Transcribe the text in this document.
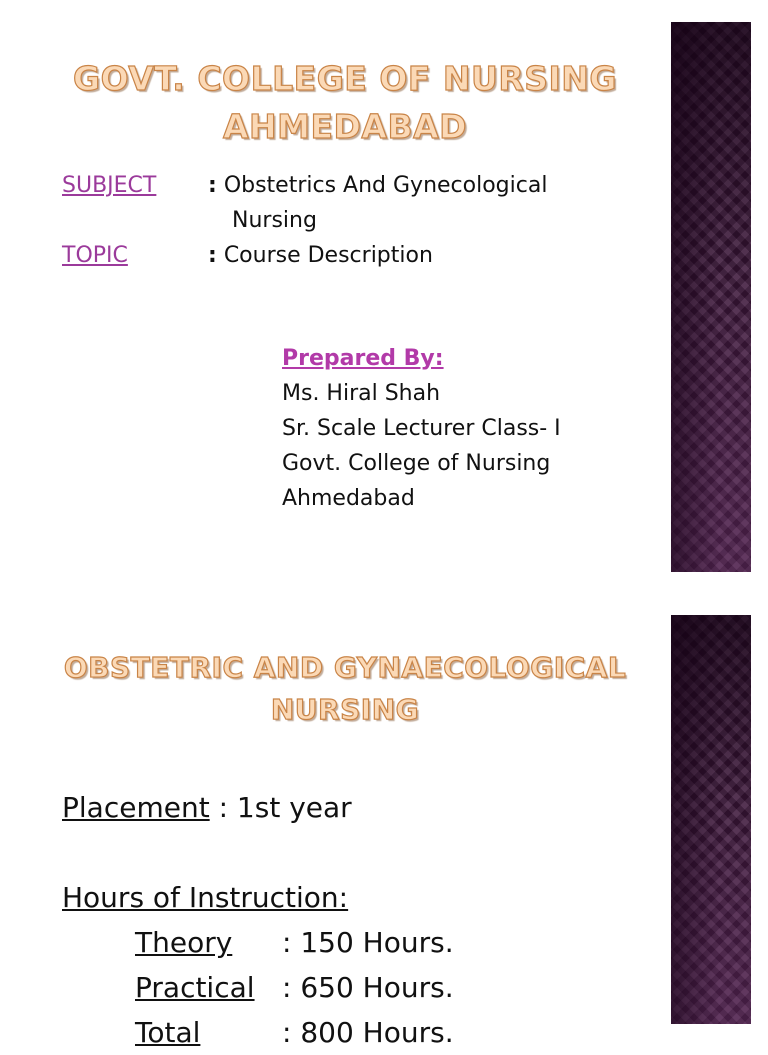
GOVT. COLLEGE OF NURSING
AHMEDABAD
SUBJECT : Obstetrics And Gynecological
Nursing
TOPIC	: Course Description
Prepared By:
Ms. Hiral Shah
Sr. Scale Lecturer Class- I
Govt. College of Nursing
Ahmedabad
OBSTETRIC AND GYNAECOLOGICAL
NURSING
Placement : 1st year
Hours of Instruction:
Theory : 150 Hours.
Practical : 650 Hours.
Total	: 800 Hours.
